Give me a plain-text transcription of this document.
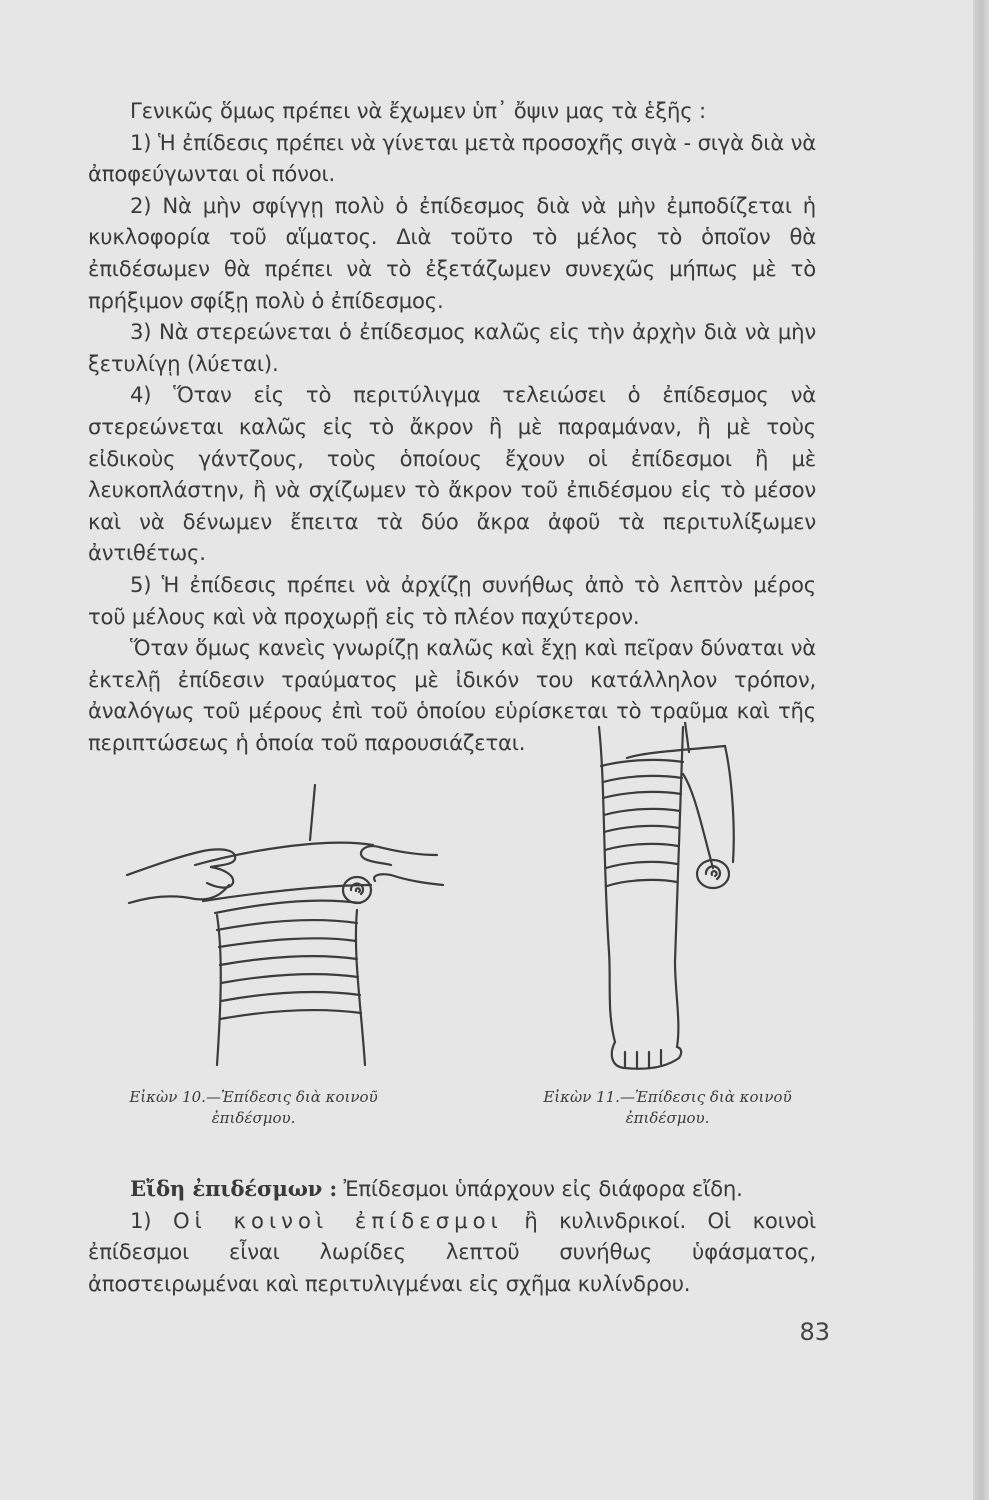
Γενικῶς ὅμως πρέπει νὰ ἔχωμεν ὑπ᾿ ὄψιν μας τὰ ἑξῆς :

1) Ἡ ἐπίδεσις πρέπει νὰ γίνεται μετὰ προσοχῆς σιγὰ - σιγὰ διὰ νὰ ἀποφεύγωνται οἱ πόνοι.

2) Νὰ μὴν σφίγγῃ πολὺ ὁ ἐπίδεσμος διὰ νὰ μὴν ἐμποδίζεται ἡ κυκλοφορία τοῦ αἵματος. Διὰ τοῦτο τὸ μέλος τὸ ὁποῖον θὰ ἐπιδέσωμεν θὰ πρέπει νὰ τὸ ἐξετάζωμεν συνεχῶς μήπως μὲ τὸ πρήξιμον σφίξῃ πολὺ ὁ ἐπίδεσμος.

3) Νὰ στερεώνεται ὁ ἐπίδεσμος καλῶς εἰς τὴν ἀρχὴν διὰ νὰ μὴν ξετυλίγῃ (λύεται).

4) Ὅταν εἰς τὸ περιτύλιγμα τελειώσει ὁ ἐπίδεσμος νὰ στερεώνεται καλῶς εἰς τὸ ἄκρον ἢ μὲ παραμάναν, ἢ μὲ τοὺς εἰδικοὺς γάντζους, τοὺς ὁποίους ἔχουν οἱ ἐπίδεσμοι ἢ μὲ λευκοπλάστην, ἢ νὰ σχίζωμεν τὸ ἄκρον τοῦ ἐπιδέσμου εἰς τὸ μέσον καὶ νὰ δένωμεν ἔπειτα τὰ δύο ἄκρα ἀφοῦ τὰ περιτυλίξωμεν ἀντιθέτως.

5) Ἡ ἐπίδεσις πρέπει νὰ ἀρχίζῃ συνήθως ἀπὸ τὸ λεπτὸν μέρος τοῦ μέλους καὶ νὰ προχωρῇ εἰς τὸ πλέον παχύτερον.

Ὅταν ὅμως κανεὶς γνωρίζῃ καλῶς καὶ ἔχῃ καὶ πεῖραν δύναται νὰ ἐκτελῇ ἐπίδεσιν τραύματος μὲ ἰδικόν του κατάλληλον τρόπον, ἀναλόγως τοῦ μέρους ἐπὶ τοῦ ὁποίου εὑρίσκεται τὸ τραῦμα καὶ τῆς περιπτώσεως ἡ ὁποία τοῦ παρουσιάζεται.

Εἰκὼν 10.—Ἐπίδεσις διὰ κοινοῦ
ἐπιδέσμου.
Εἰκὼν 11.—Ἐπίδεσις διὰ κοινοῦ
ἐπιδέσμου.

Εἴδη ἐπιδέσμων : Ἐπίδεσμοι ὑπάρχουν εἰς διάφορα εἴδη.

1) Οἱ κοινοὶ ἐπίδεσμοι ἢ κυλινδρικοί. Οἱ κοινοὶ ἐπίδεσμοι εἶναι λωρίδες λεπτοῦ συνήθως ὑφάσματος, ἀποστειρωμέναι καὶ περιτυλιγμέναι εἰς σχῆμα κυλίνδρου.

83
